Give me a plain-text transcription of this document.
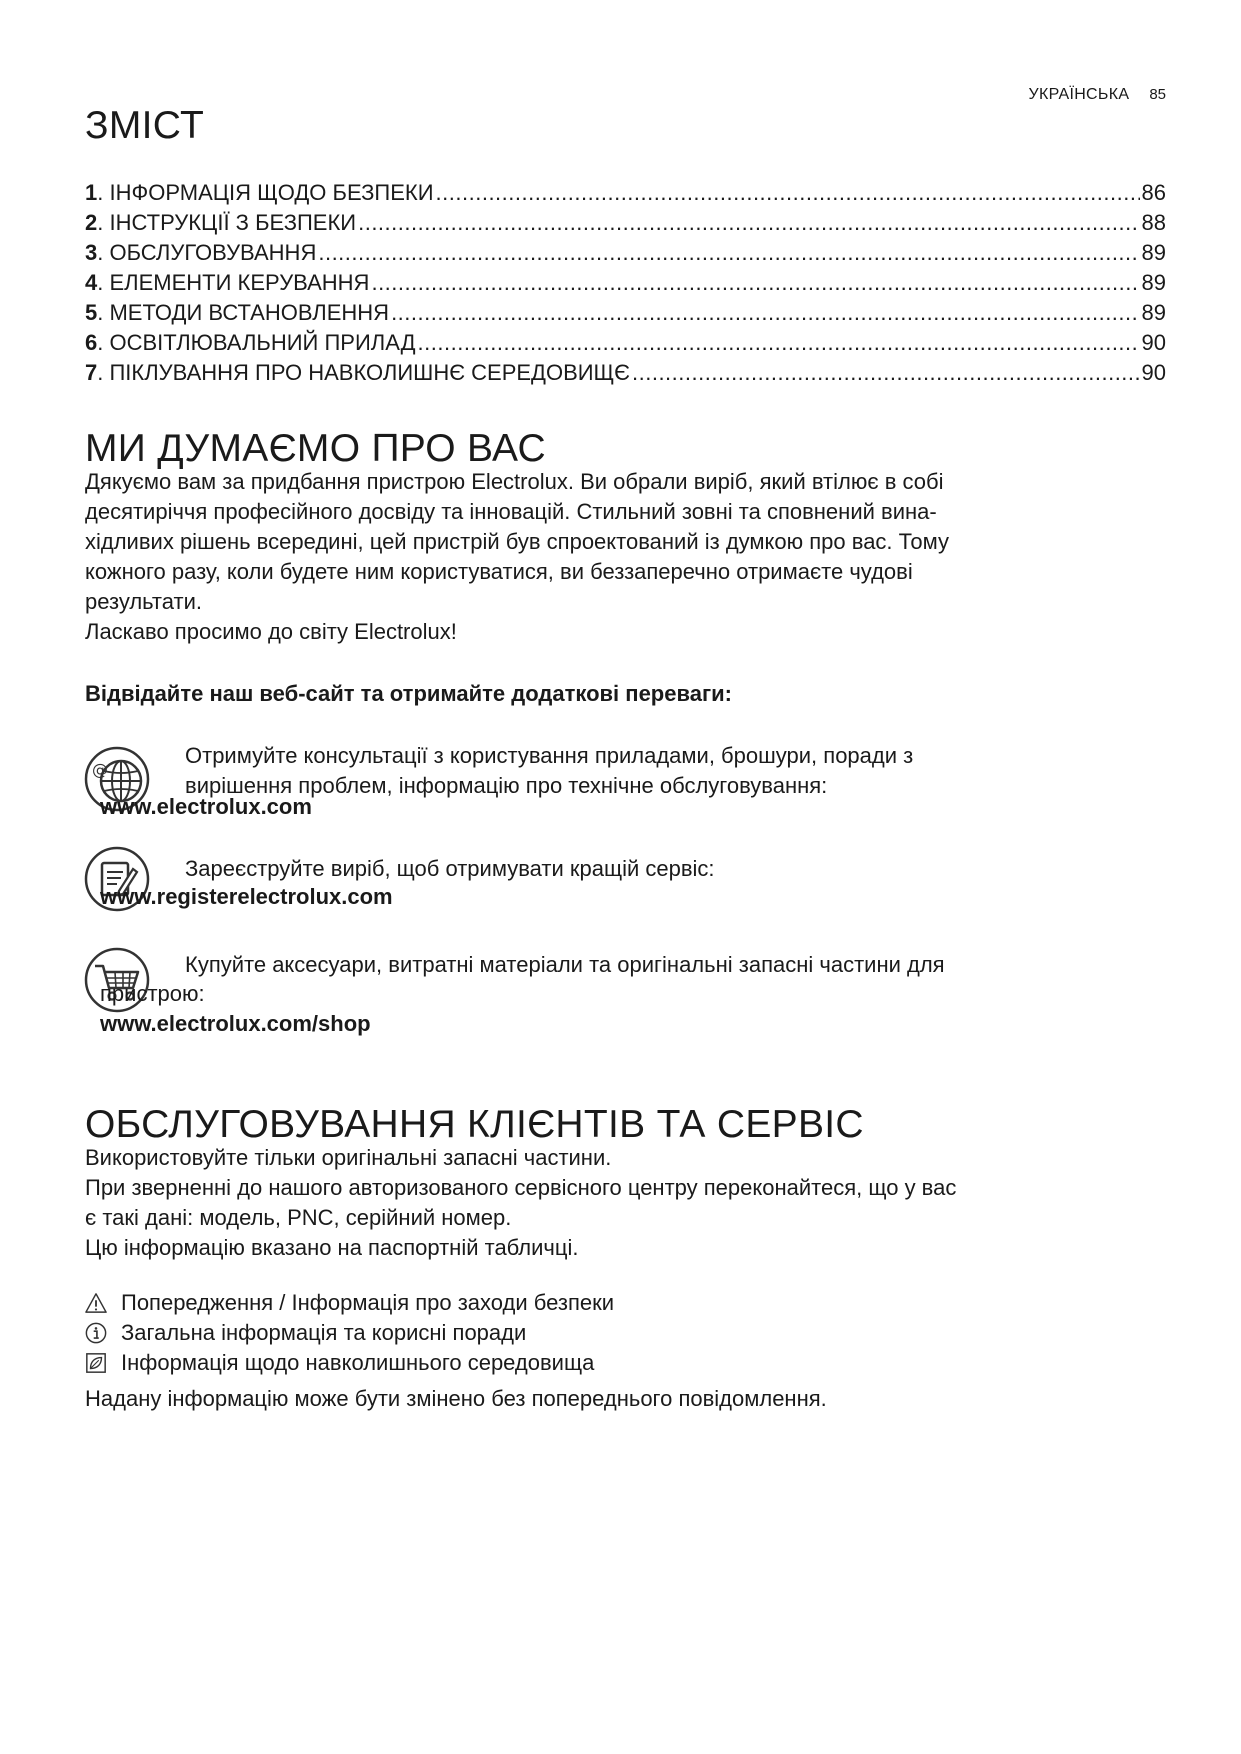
УКРАЇНСЬКА 85
ЗМІСТ
1 . ІНФОРМАЦІЯ ЩОДО БЕЗПЕКИ .....	86
2 . ІНСТРУКЦІЇ З БЕЗПЕКИ .....	88
3 . ОБСЛУГОВУВАННЯ .....	89
4 . ЕЛЕМЕНТИ КЕРУВАННЯ .....	89
5 . МЕТОДИ ВСТАНОВЛЕННЯ .....	89
6 . ОСВІТЛЮВАЛЬНИЙ ПРИЛАД .....	90
7 . ПІКЛУВАННЯ ПРО НАВКОЛИШНЄ СЕРЕДОВИЩЄ .....	90
МИ ДУМАЄМО ПРО ВАС
Дякуємо вам за придбання пристрою Electrolux. Ви обрали виріб, який втілює в собі
десятиріччя професійного досвіду та інновацій. Стильний зовні та сповнений вина-
хідливих рішень всередині, цей пристрій був спроектований із думкою про вас. Тому
кожного разу, коли будете ним користуватися, ви беззаперечно отримаєте чудові
результати.

Ласкаво просимо до світу Electrolux!

Відвідайте наш веб-сайт та отримайте додаткові переваги:

@
Отримуйте консультації з користування приладами, брошури, поради з
вирішення проблем, інформацію про технічне обслуговування:

www.electrolux.com

Зареєструйте виріб, щоб отримувати кращій сервіс:

www.registerelectrolux.com

Купуйте аксесуари, витратні матеріали та оригінальні запасні частини для

пристрою:

www.electrolux.com/shop

ОБСЛУГОВУВАННЯ КЛІЄНТІВ ТА СЕРВІС
Використовуйте тільки оригінальні запасні частини.
При зверненні до нашого авторизованого сервісного центру переконайтеся, що у вас
є такі дані: модель, PNC, серійний номер.
Цю інформацію вказано на паспортній табличці.
Попередження / Інформація про заходи безпеки
Загальна інформація та корисні поради
Інформація щодо навколишнього середовища

Надану інформацію може бути змінено без попереднього повідомлення.
